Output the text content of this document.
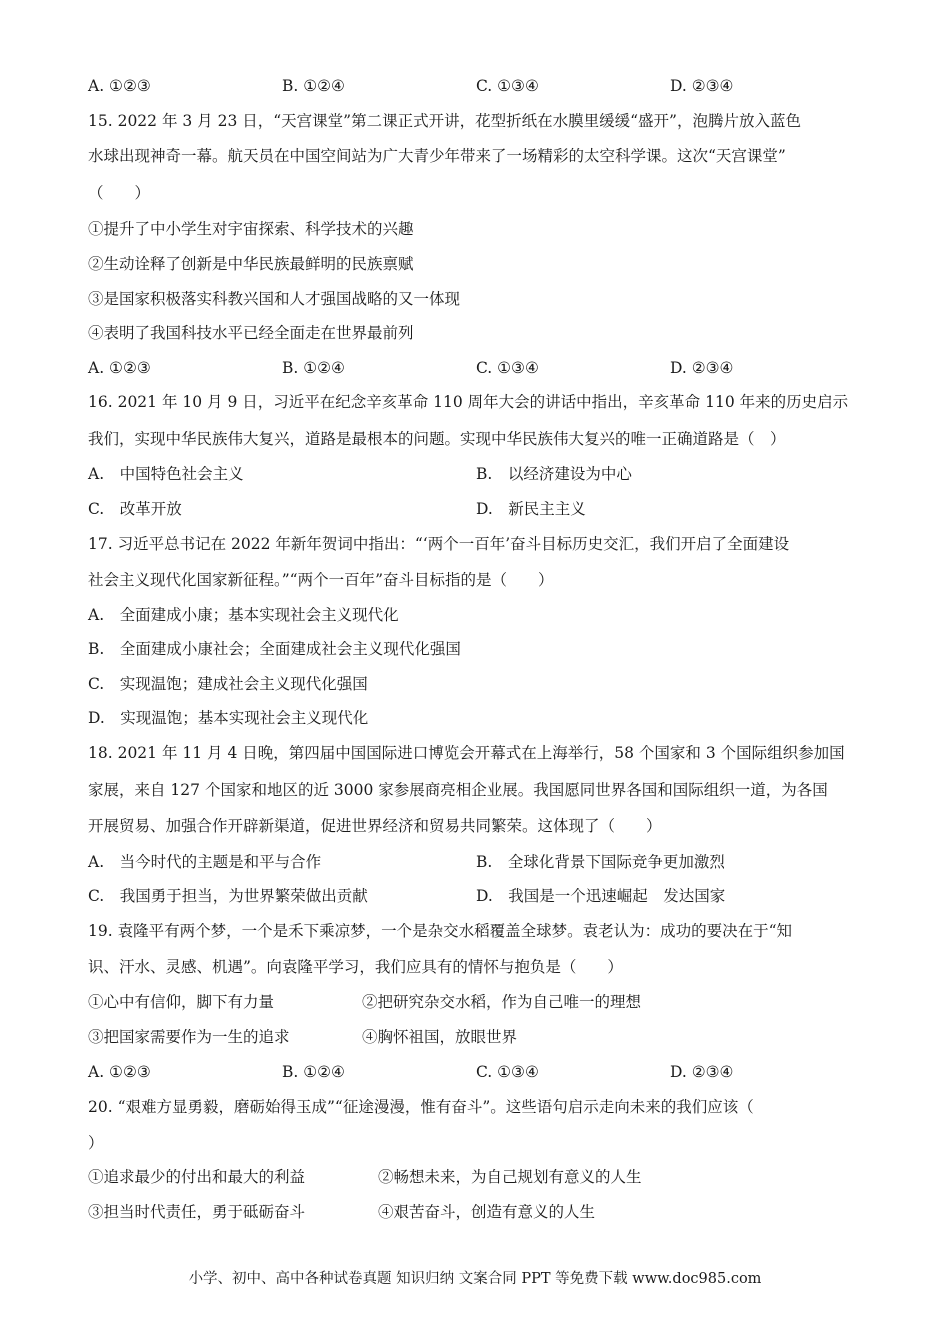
A. ①②③	B. ①②④	C. ①③④	D. ②③④
15. 2022 年 3 月 23 日，“天宫课堂”第二课正式开讲，花型折纸在水膜里缓缓“盛开”，泡腾片放入蓝色
水球出现神奇一幕。航天员在中国空间站为广大青少年带来了一场精彩的太空科学课。这次“天宫课堂”
（　　）
①提升了中小学生对宇宙探索、科学技术的兴趣
②生动诠释了创新是中华民族最鲜明的民族禀赋
③是国家积极落实科教兴国和人才强国战略的又一体现
④表明了我国科技水平已经全面走在世界最前列
A. ①②③	B. ①②④	C. ①③④	D. ②③④
16. 2021 年 10 月 9 日，习近平在纪念辛亥革命 110 周年大会的讲话中指出，辛亥革命 110 年来的历史启示
我们，实现中华民族伟大复兴，道路是最根本的问题。实现中华民族伟大复兴的唯一正确道路是（　）
A.　中国特色社会主义	B.　以经济建设为中心
C.　改革开放	D.　新民主主义
17. 习近平总书记在 2022 年新年贺词中指出：“‘两个一百年’奋斗目标历史交汇，我们开启了全面建设
社会主义现代化国家新征程。”“两个一百年”奋斗目标指的是（　　）
A.　全面建成小康；基本实现社会主义现代化
B.　全面建成小康社会；全面建成社会主义现代化强国
C.　实现温饱；建成社会主义现代化强国
D.　实现温饱；基本实现社会主义现代化
18. 2021 年 11 月 4 日晚，第四届中国国际进口博览会开幕式在上海举行，58 个国家和 3 个国际组织参加国
家展，来自 127 个国家和地区的近 3000 家参展商亮相企业展。我国愿同世界各国和国际组织一道，为各国
开展贸易、加强合作开辟新渠道，促进世界经济和贸易共同繁荣。这体现了（　　）
A.　当今时代的主题是和平与合作	B.　全球化背景下国际竞争更加激烈
C.　我国勇于担当，为世界繁荣做出贡献	D.　我国是一个迅速崛起　发达国家
19. 袁隆平有两个梦，一个是禾下乘凉梦，一个是杂交水稻覆盖全球梦。袁老认为：成功的要决在于“知
识、汗水、灵感、机遇”。向袁隆平学习，我们应具有的情怀与抱负是（　　）
①心中有信仰，脚下有力量	②把研究杂交水稻，作为自己唯一的理想
③把国家需要作为一生的追求	④胸怀祖国，放眼世界
A. ①②③	B. ①②④	C. ①③④	D. ②③④
20. “艰难方显勇毅，磨砺始得玉成”“征途漫漫，惟有奋斗”。这些语句启示走向未来的我们应该（
）
①追求最少的付出和最大的利益	②畅想未来，为自己规划有意义的人生
③担当时代责任，勇于砥砺奋斗	④艰苦奋斗，创造有意义的人生
小学、初中、高中各种试卷真题 知识归纳 文案合同 PPT 等免费下载 www.doc985.com
